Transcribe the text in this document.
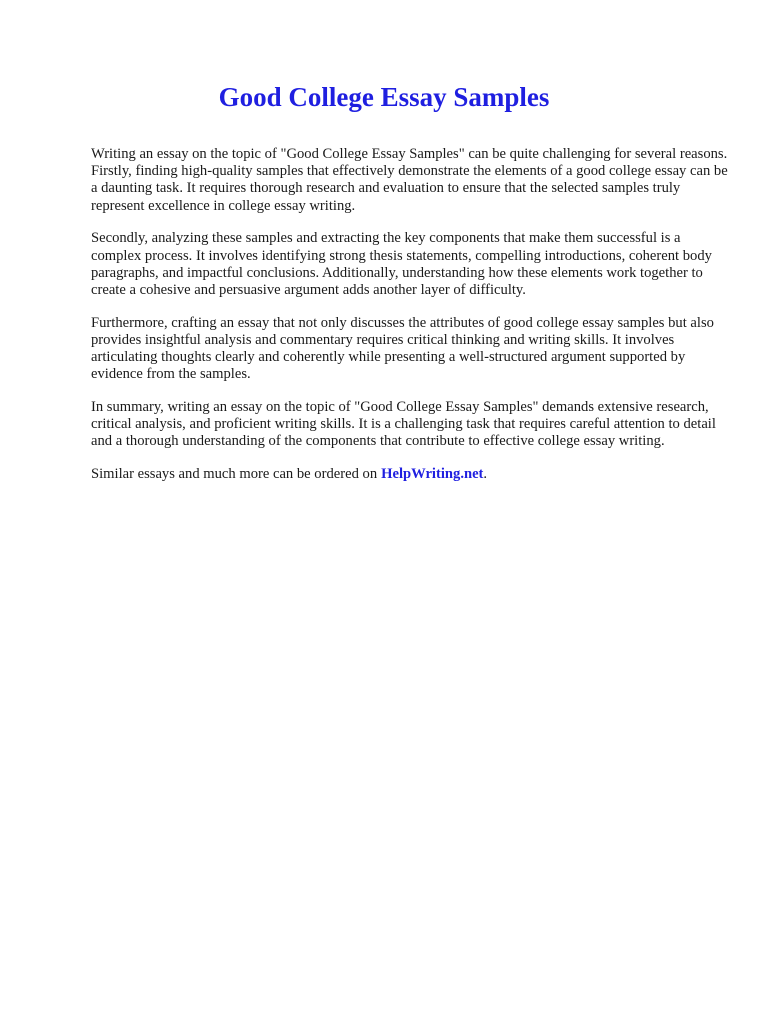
Good College Essay Samples

Writing an essay on the topic of "Good College Essay Samples" can be quite challenging for several reasons. Firstly, finding high-quality samples that effectively demonstrate the elements of a good college essay can be a daunting task. It requires thorough research and evaluation to ensure that the selected samples truly represent excellence in college essay writing.

Secondly, analyzing these samples and extracting the key components that make them successful is a complex process. It involves identifying strong thesis statements, compelling introductions, coherent body paragraphs, and impactful conclusions. Additionally, understanding how these elements work together to create a cohesive and persuasive argument adds another layer of difficulty.

Furthermore, crafting an essay that not only discusses the attributes of good college essay samples but also provides insightful analysis and commentary requires critical thinking and writing skills. It involves articulating thoughts clearly and coherently while presenting a well-structured argument supported by evidence from the samples.

In summary, writing an essay on the topic of "Good College Essay Samples" demands extensive research, critical analysis, and proficient writing skills. It is a challenging task that requires careful attention to detail and a thorough understanding of the components that contribute to effective college essay writing.

Similar essays and much more can be ordered on HelpWriting.net.
